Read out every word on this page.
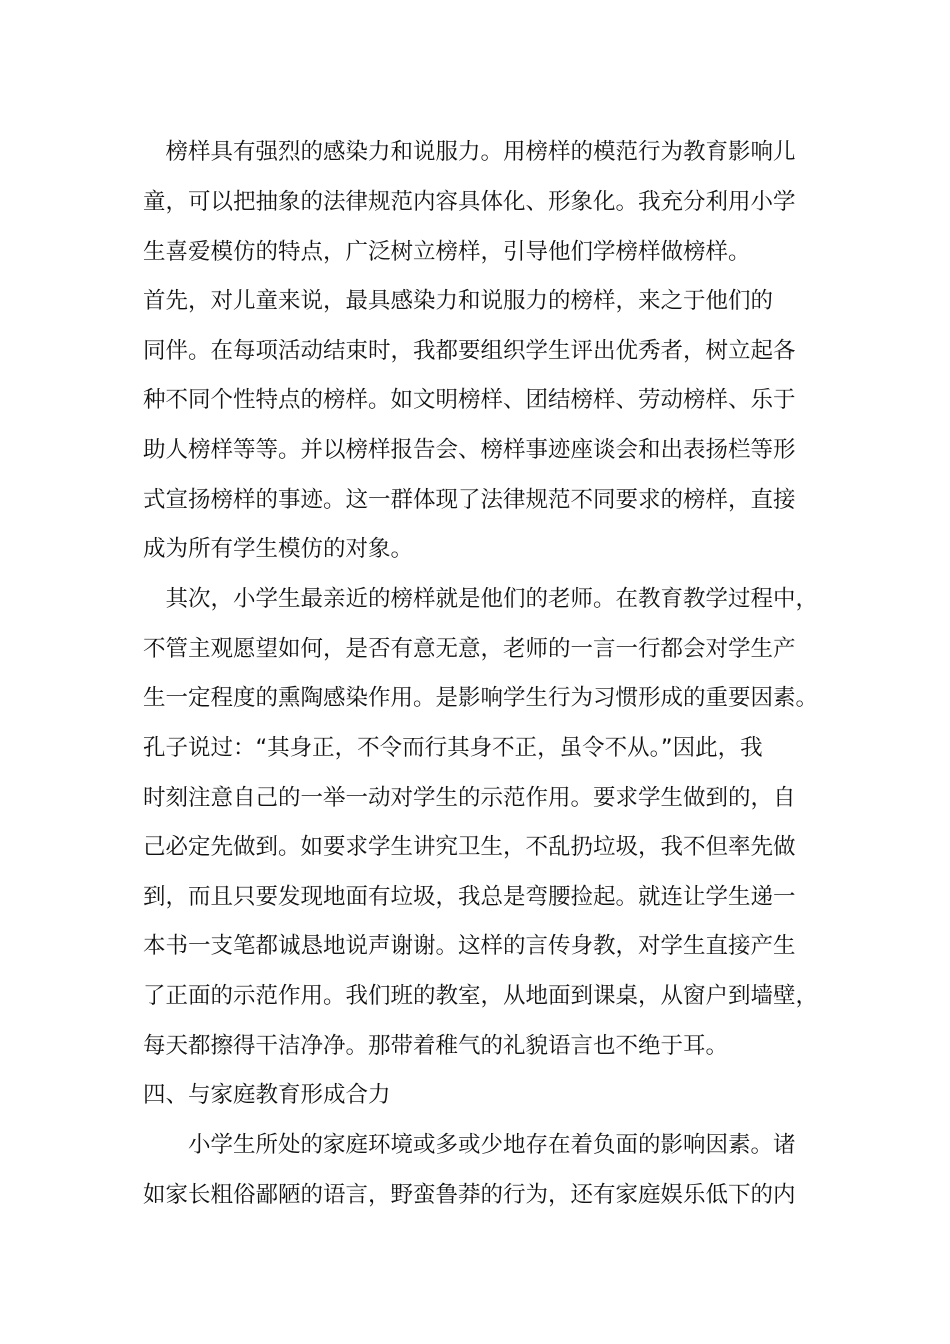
　榜样具有强烈的感染力和说服力。用榜样的模范行为教育影响儿

童，可以把抽象的法律规范内容具体化、形象化。我充分利用小学

生喜爱模仿的特点，广泛树立榜样，引导他们学榜样做榜样。

首先，对儿童来说，最具感染力和说服力的榜样，来之于他们的

同伴。在每项活动结束时，我都要组织学生评出优秀者，树立起各

种不同个性特点的榜样。如文明榜样、团结榜样、劳动榜样、乐于

助人榜样等等。并以榜样报告会、榜样事迹座谈会和出表扬栏等形

式宣扬榜样的事迹。这一群体现了法律规范不同要求的榜样，直接

成为所有学生模仿的对象。

　其次，小学生最亲近的榜样就是他们的老师。在教育教学过程中，

不管主观愿望如何，是否有意无意，老师的一言一行都会对学生产

生一定程度的熏陶感染作用。是影响学生行为习惯形成的重要因素。

孔子说过：“其身正，不令而行其身不正，虽令不从。”因此，我

时刻注意自己的一举一动对学生的示范作用。要求学生做到的，自

己必定先做到。如要求学生讲究卫生，不乱扔垃圾，我不但率先做

到，而且只要发现地面有垃圾，我总是弯腰捡起。就连让学生递一

本书一支笔都诚恳地说声谢谢。这样的言传身教，对学生直接产生

了正面的示范作用。我们班的教室，从地面到课桌，从窗户到墙壁，

每天都擦得干洁净净。那带着稚气的礼貌语言也不绝于耳。

四、与家庭教育形成合力

　　小学生所处的家庭环境或多或少地存在着负面的影响因素。诸

如家长粗俗鄙陋的语言，野蛮鲁莽的行为，还有家庭娱乐低下的内
